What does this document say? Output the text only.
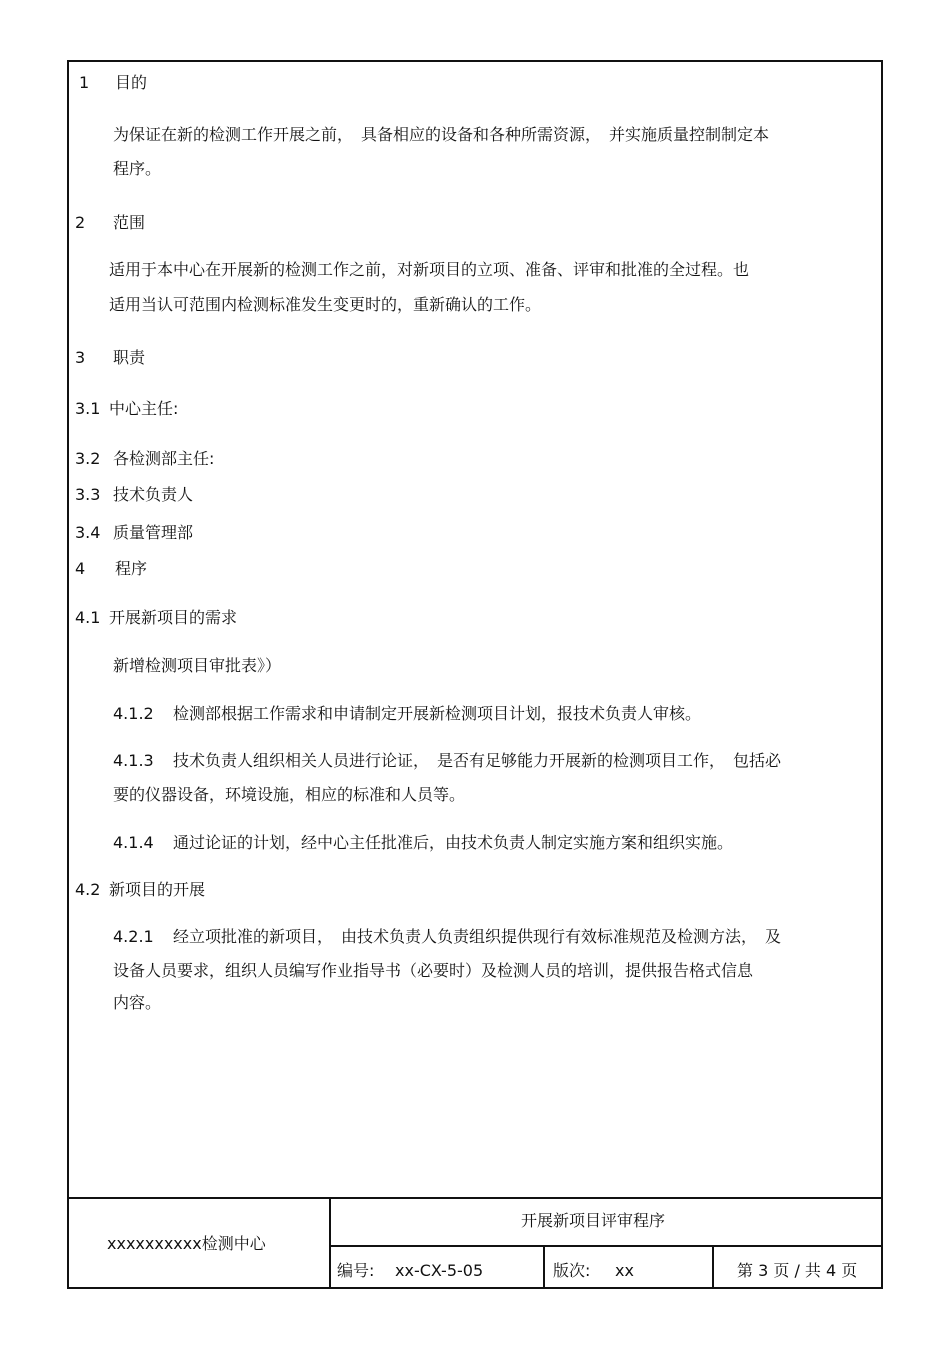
1 目的
为保证在新的检测工作开展之前，　具备相应的设备和各种所需资源，　并实施质量控制制定本
程序。
2 范围
适用于本中心在开展新的检测工作之前，对新项目的立项、准备、评审和批准的全过程。也
适用当认可范围内检测标准发生变更时的，重新确认的工作。
3 职责
3.1 中心主任:
3.2 各检测部主任:
3.3 技术负责人
3.4 质量管理部
4 程序
4.1 开展新项目的需求
新增检测项目审批表》）
4.1.2 检测部根据工作需求和申请制定开展新检测项目计划，报技术负责人审核。
4.1.3 技术负责人组织相关人员进行论证，　是否有足够能力开展新的检测项目工作，　包括必
要的仪器设备，环境设施，相应的标准和人员等。
4.1.4 通过论证的计划，经中心主任批准后，由技术负责人制定实施方案和组织实施。
4.2 新项目的开展
4.2.1 经立项批准的新项目，　由技术负责人负责组织提供现行有效标准规范及检测方法，　及
设备人员要求，组织人员编写作业指导书（必要时）及检测人员的培训，提供报告格式信息
内容。
xxxxxxxxxx检测中心
开展新项目评审程序
编号: xx-CX-5-05	版次: xx	第 3 页 / 共 4 页
